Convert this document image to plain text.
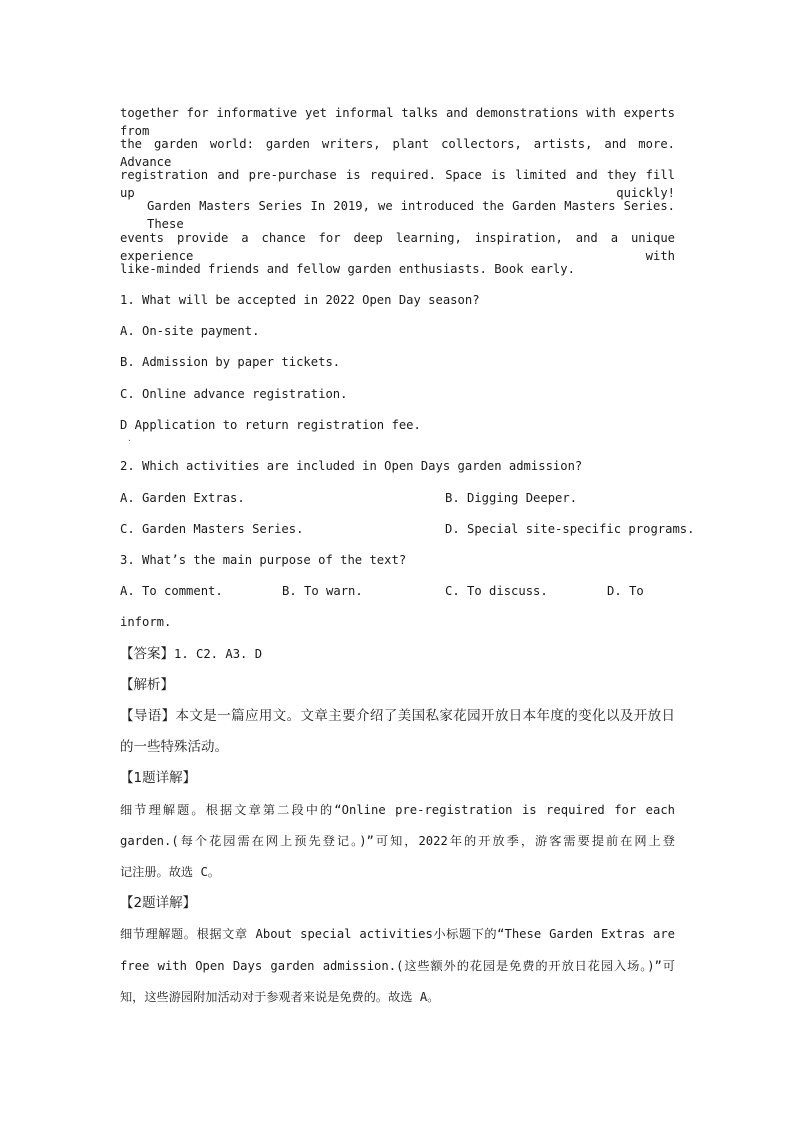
together for informative yet informal talks and demonstrations with experts from
the garden world: garden writers, plant collectors, artists, and more. Advance
registration and pre-purchase is required. Space is limited and they fill up quickly!
Garden Masters Series In 2019, we introduced the Garden Masters Series. These
events provide a chance for deep learning, inspiration, and a unique experience with
like-minded friends and fellow garden enthusiasts. Book early.
1. What will be accepted in 2022 Open Day season?
A. On-site payment.
B. Admission by paper tickets.
C. Online advance registration.
D Application to return registration fee.
·
2. Which activities are included in Open Days garden admission?
A. Garden Extras.	B. Digging Deeper.
C. Garden Masters Series.	D. Special site-specific programs.
3. What’s the main purpose of the text?
A. To comment.	B. To warn.	C. To discuss.	D. To
inform.
【答案】1. C2. A3. D
【解析】
【导语】本文是一篇应用文。文章主要介绍了美国私家花园开放日本年度的变化以及开放日
的一些特殊活动。
【1题详解】
细节理解题。根据文章第二段中的“Online pre-registration is required for each
garden.(每个花园需在网上预先登记。)”可知，2022年的开放季，游客需要提前在网上登
记注册。故选 C。
【2题详解】
细节理解题。根据文章 About special activities小标题下的“These Garden Extras are
free with Open Days garden admission.(这些额外的花园是免费的开放日花园入场。)”可
知，这些游园附加活动对于参观者来说是免费的。故选 A。
